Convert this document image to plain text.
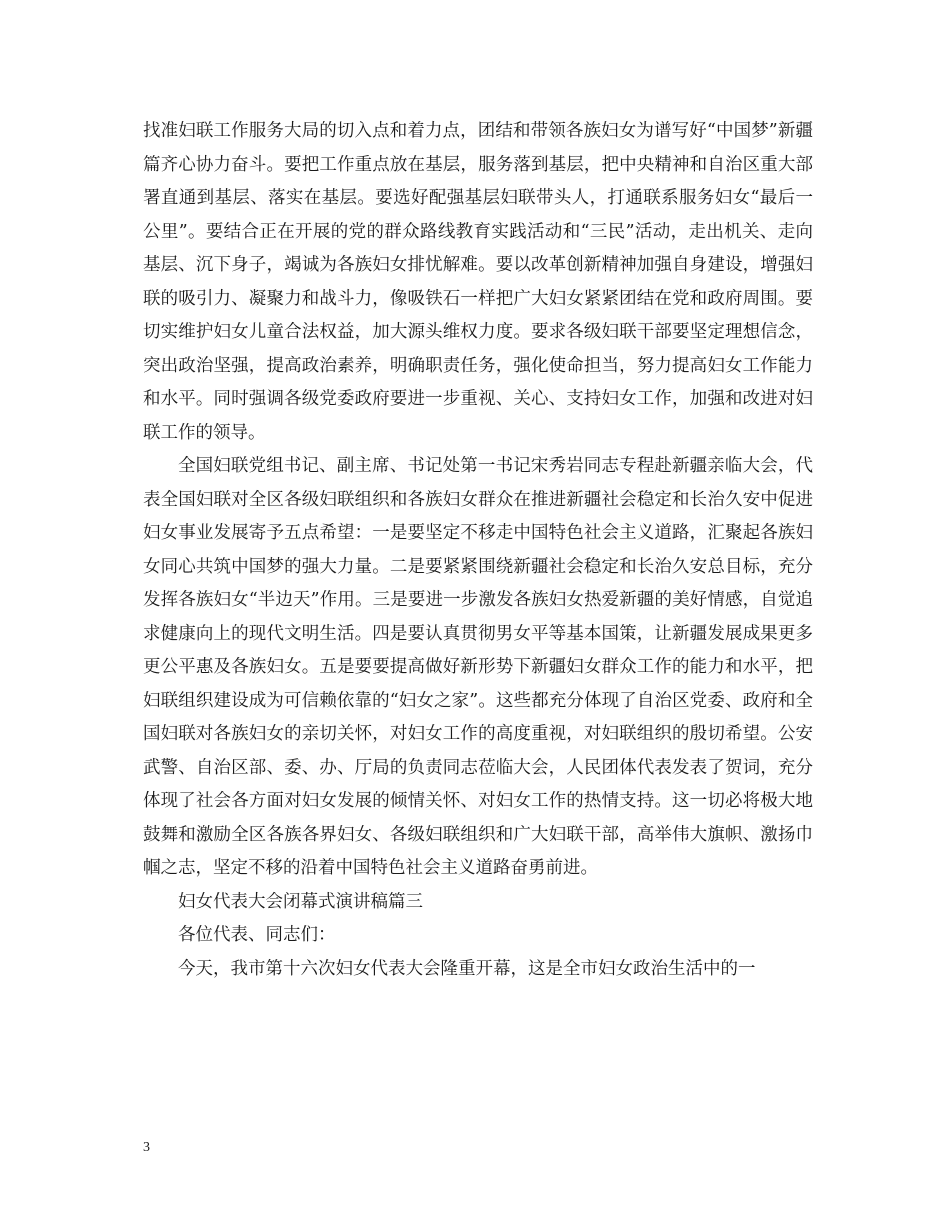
找准妇联工作服务大局的切入点和着力点，团结和带领各族妇女为谱写好“中国梦”新疆篇齐心协力奋斗。要把工作重点放在基层，服务落到基层，把中央精神和自治区重大部署直通到基层、落实在基层。要选好配强基层妇联带头人，打通联系服务妇女“最后一公里”。要结合正在开展的党的群众路线教育实践活动和“三民”活动，走出机关、走向基层、沉下身子，竭诚为各族妇女排忧解难。要以改革创新精神加强自身建设，增强妇联的吸引力、凝聚力和战斗力，像吸铁石一样把广大妇女紧紧团结在党和政府周围。要切实维护妇女儿童合法权益，加大源头维权力度。要求各级妇联干部要坚定理想信念，突出政治坚强，提高政治素养，明确职责任务，强化使命担当，努力提高妇女工作能力和水平。同时强调各级党委政府要进一步重视、关心、支持妇女工作，加强和改进对妇联工作的领导。

全国妇联党组书记、副主席、书记处第一书记宋秀岩同志专程赴新疆亲临大会，代表全国妇联对全区各级妇联组织和各族妇女群众在推进新疆社会稳定和长治久安中促进妇女事业发展寄予五点希望：一是要坚定不移走中国特色社会主义道路，汇聚起各族妇女同心共筑中国梦的强大力量。二是要紧紧围绕新疆社会稳定和长治久安总目标，充分发挥各族妇女“半边天”作用。三是要进一步激发各族妇女热爱新疆的美好情感，自觉追求健康向上的现代文明生活。四是要认真贯彻男女平等基本国策，让新疆发展成果更多更公平惠及各族妇女。五是要要提高做好新形势下新疆妇女群众工作的能力和水平，把妇联组织建设成为可信赖依靠的“妇女之家”。这些都充分体现了自治区党委、政府和全国妇联对各族妇女的亲切关怀，对妇女工作的高度重视，对妇联组织的殷切希望。公安武警、自治区部、委、办、厅局的负责同志莅临大会，人民团体代表发表了贺词，充分体现了社会各方面对妇女发展的倾情关怀、对妇女工作的热情支持。这一切必将极大地鼓舞和激励全区各族各界妇女、各级妇联组织和广大妇联干部，高举伟大旗帜、激扬巾帼之志，坚定不移的沿着中国特色社会主义道路奋勇前进。

妇女代表大会闭幕式演讲稿篇三

各位代表、同志们：

今天，我市第十六次妇女代表大会隆重开幕，这是全市妇女政治生活中的一

3
